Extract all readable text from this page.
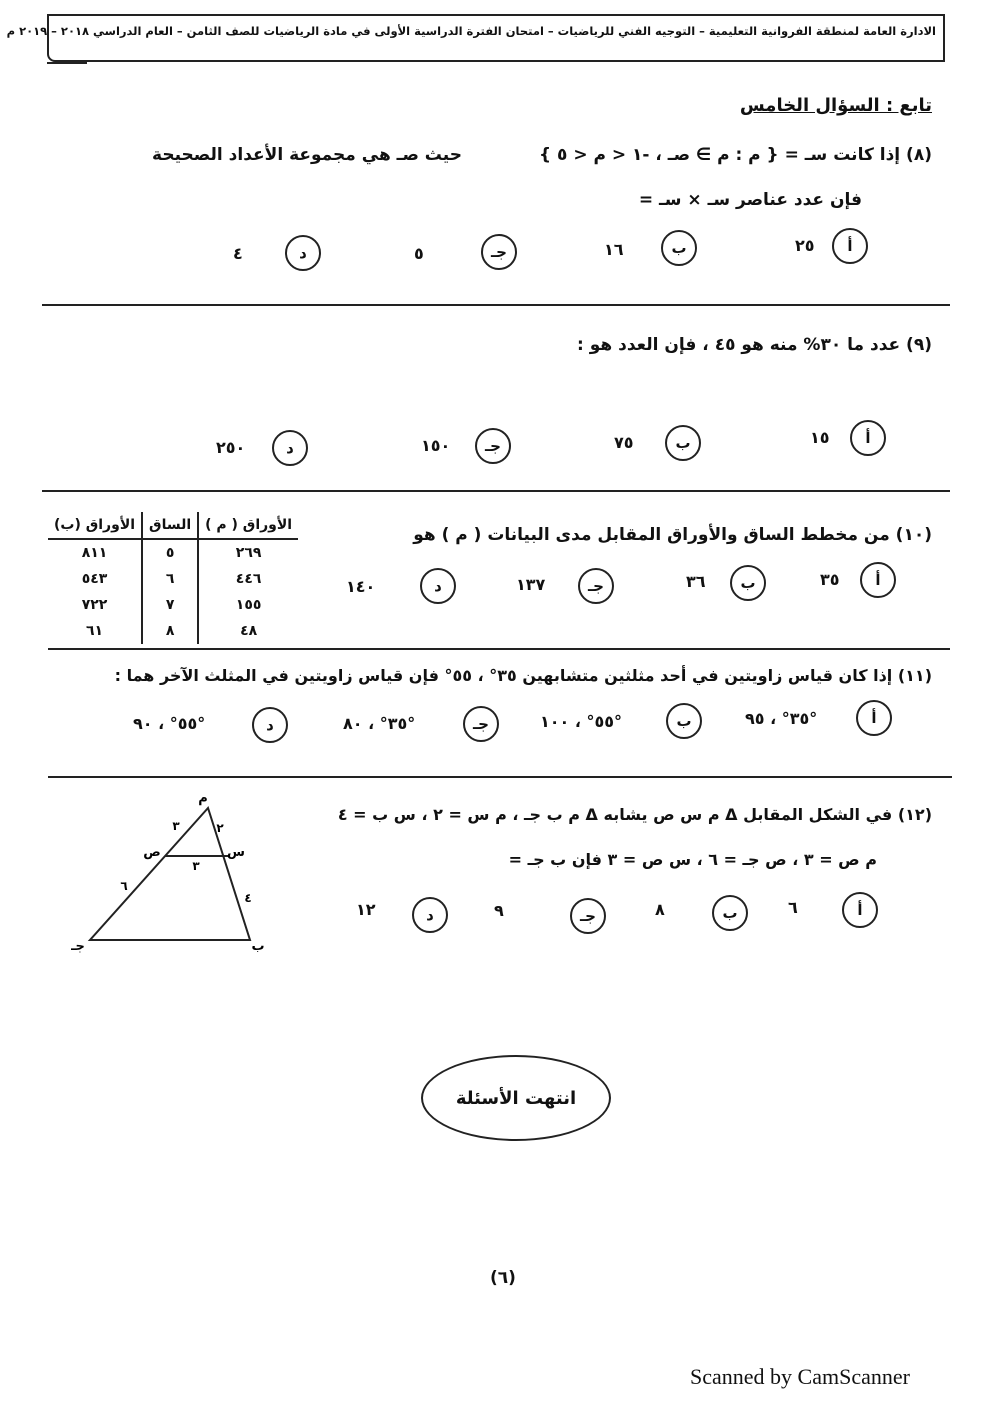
الادارة العامة لمنطقة الفروانية التعليمية – التوجيه الفني للرياضيات – امتحان الفترة الدراسية الأولى في مادة الرياضيات للصف الثامن – العام الدراسي ٢٠١٨ – ٢٠١٩ م
تابع : السؤال الخامس
(٨) إذا كانت سـ = { م : م ∋ صـ ، -١ < م < ٥ }
حيث صـ هي مجموعة الأعداد الصحيحة
فإن عدد عناصر سـ × سـ =
أ
٢٥
ب
١٦
جـ
٥
د
٤
(٩) عدد ما ٣٠% منه هو ٤٥ ، فإن العدد هو :
أ
١٥
ب
٧٥
جـ
١٥٠
د
٢٥٠
(١٠) من مخطط الساق والأوراق المقابل مدى البيانات ( م ) هو
الأوراق ( م )	الساق	الأوراق (ب)
٢٦٩	٥	٨١١
٤٤٦	٦	٥٤٣
١٥٥	٧	٧٢٢
٤٨	٨	٦١
أ
٣٥
ب
٣٦
جـ
١٣٧
د
١٤٠
(١١) إذا كان قياس زاويتين في أحد مثلثين متشابهين ٣٥° ، ٥٥° فإن قياس زاويتين في المثلث الآخر هما :
أ
٣٥° ، ٩٥°
ب
٥٥° ، ١٠٠°
جـ
٣٥° ، ٨٠°
د
٥٥° ، ٩٠°
(١٢) في الشكل المقابل Δ م س ص يشابه Δ م ب جـ ، م س = ٢ ، س ب = ٤
م ص = ٣ ، ص جـ = ٦ ، س ص = ٣ فإن ب جـ =
أ
٦
ب
٨
جـ
٩
د
١٢
م
ص	س
جـ	ب
٣	٢
٣
٦
٤
انتهت الأسئلة
(٦)
Scanned by CamScanner
